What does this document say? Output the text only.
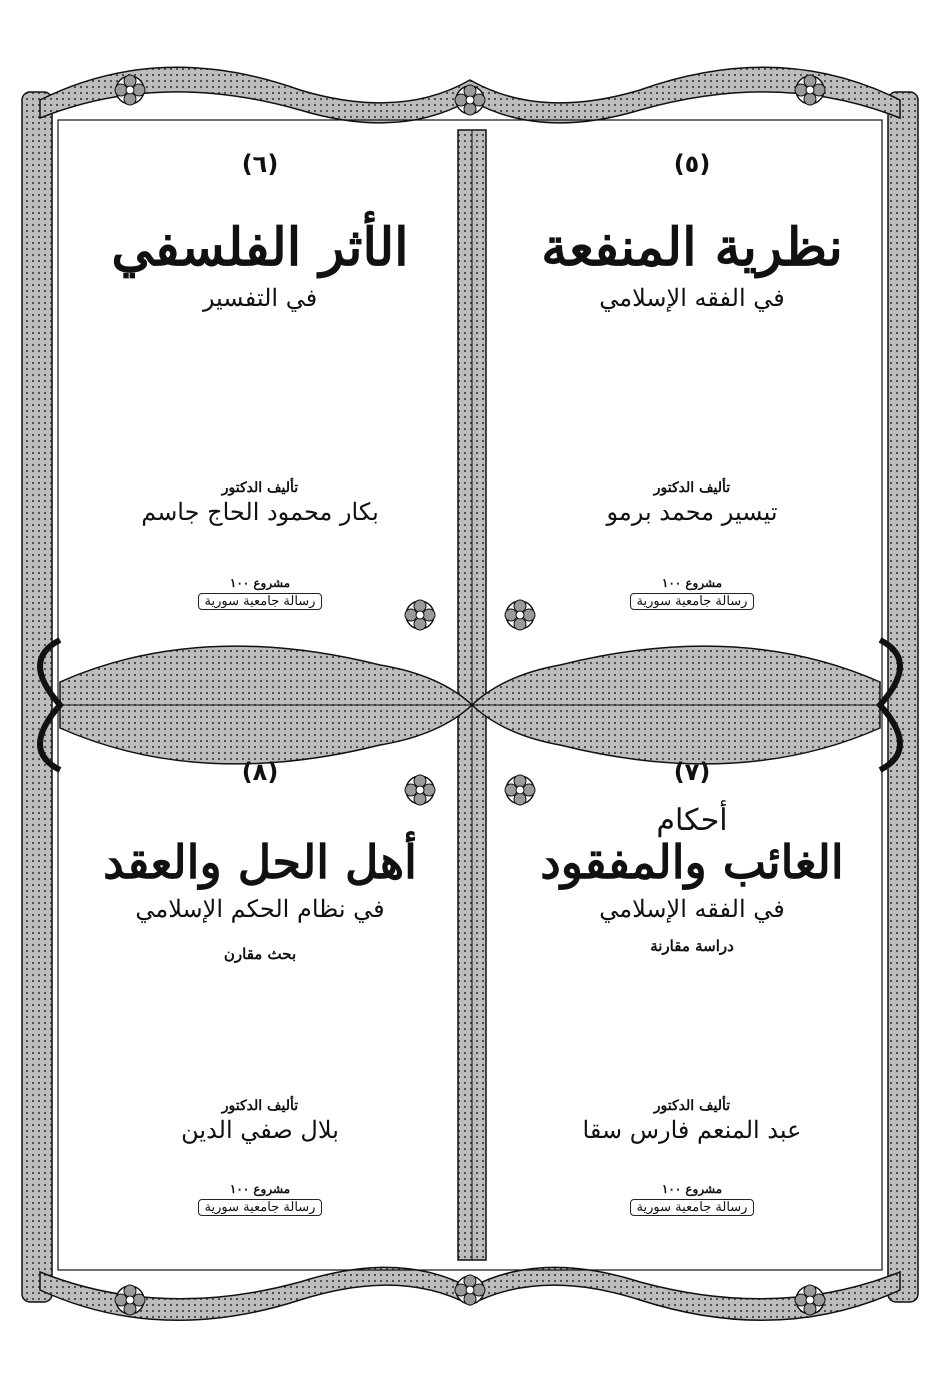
(٥)
نظرية المنفعة
في الفقه الإسلامي
تأليف الدكتور
تيسير محمد برمو
مشروع ١٠٠
رسالة جامعية سورية
(٦)
الأثر الفلسفي
في التفسير
تأليف الدكتور
بكار محمود الحاج جاسم
مشروع ١٠٠
رسالة جامعية سورية
(٧)
أحكام
الغائب والمفقود
في الفقه الإسلامي
دراسة مقارنة
تأليف الدكتور
عبد المنعم فارس سقا
مشروع ١٠٠
رسالة جامعية سورية
(٨)
أهل الحل والعقد
في نظام الحكم الإسلامي
بحث مقارن
تأليف الدكتور
بلال صفي الدين
مشروع ١٠٠
رسالة جامعية سورية
